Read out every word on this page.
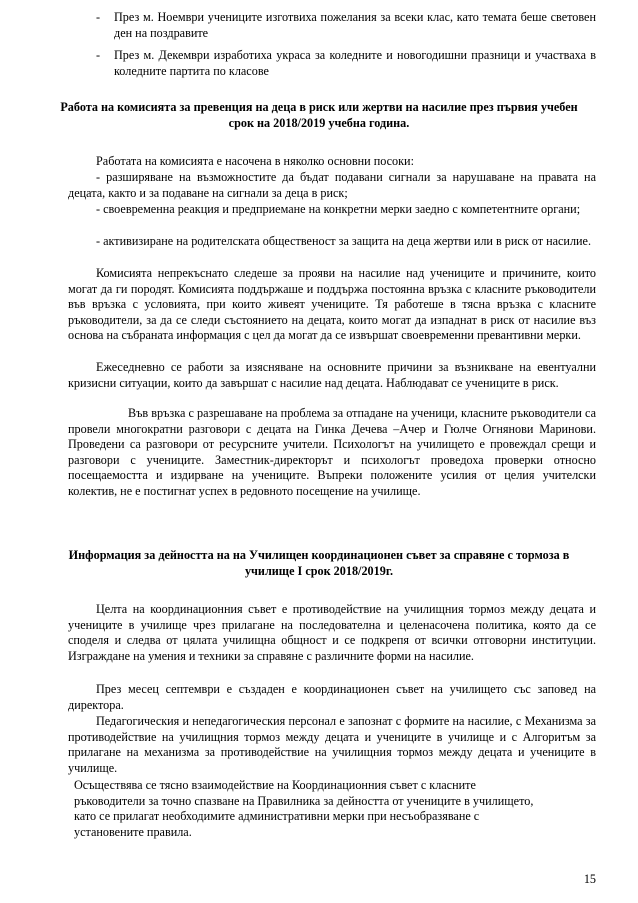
- През м. Ноември учениците изготвиха пожелания за всеки клас, като темата беше световен ден на поздравите
- През м. Декември изработиха украса за коледните и новогодишни празници и участваха в коледните партита по класове
Работа на комисията за превенция на деца в риск или жертви на насилие през първия учебен срок на 2018/2019 учебна година.
Работата на комисията е насочена в няколко основни посоки:
- разширяване на възможностите да бъдат подавани сигнали за нарушаване на правата на децата, както и за подаване на сигнали за деца в риск;
- своевременна реакция и предприемане на конкретни мерки заедно с компетентните органи;
- активизиране на родителската общественост за защита на деца жертви или в риск от насилие.
Комисията непрекъснато следеше за прояви на насилие над учениците и причините, които могат да ги породят. Комисията поддържаше и поддържа постоянна връзка с класните ръководители във връзка с условията, при които живеят учениците. Тя работеше в тясна връзка с класните ръководители, за да се следи състоянието на децата, които могат да изпаднат в риск от насилие въз основа на събраната информация с цел да могат да се извършат своевременни превантивни мерки.
Ежеседневно се работи за изясняване на основните причини за възникване на евентуални кризисни ситуации, които да завършат с насилие над децата. Наблюдават се учениците в риск.
Във връзка с разрешаване на проблема за отпадане на ученици, класните ръководители са провели многократни разговори с децата на Гинка Дечева –Ачер и Гюлче Огнянови Маринови. Проведени са разговори от ресурсните учители. Психологът на училището е провеждал срещи и разговори с учениците. Заместник-директорът и психологът проведоха проверки относно посещаемостта и издирване на учениците. Въпреки положените усилия от целия учителски колектив, не е постигнат успех в редовното посещение на училище.
Информация за дейността на на Училищен координационен съвет за справяне с тормоза в училище I срок 2018/2019г.
Целта на координационния съвет е противодействие на училищния тормоз между децата и учениците в училище чрез прилагане на последователна и целенасочена политика, която да се споделя и следва от цялата училищна общност и се подкрепя от всички отговорни институции. Изграждане на умения и техники за справяне с различните форми на насилие.
През месец септември е създаден е координационен съвет на училището със заповед на директора.
Педагогическия и непедагогическия персонал е запознат с формите на насилие, с Механизма за противодействие на училищния тормоз между децата и учениците в училище и с Алгоритъм за прилагане на механизма за противодействие на училищния тормоз между децата и учениците в училище.
Осъществява се тясно взаимодействие на Координационния съвет с класните ръководители за точно спазване на Правилника за дейността от учениците в училището, като се прилагат необходимите административни мерки при несъобразяване с установените правила.
15
